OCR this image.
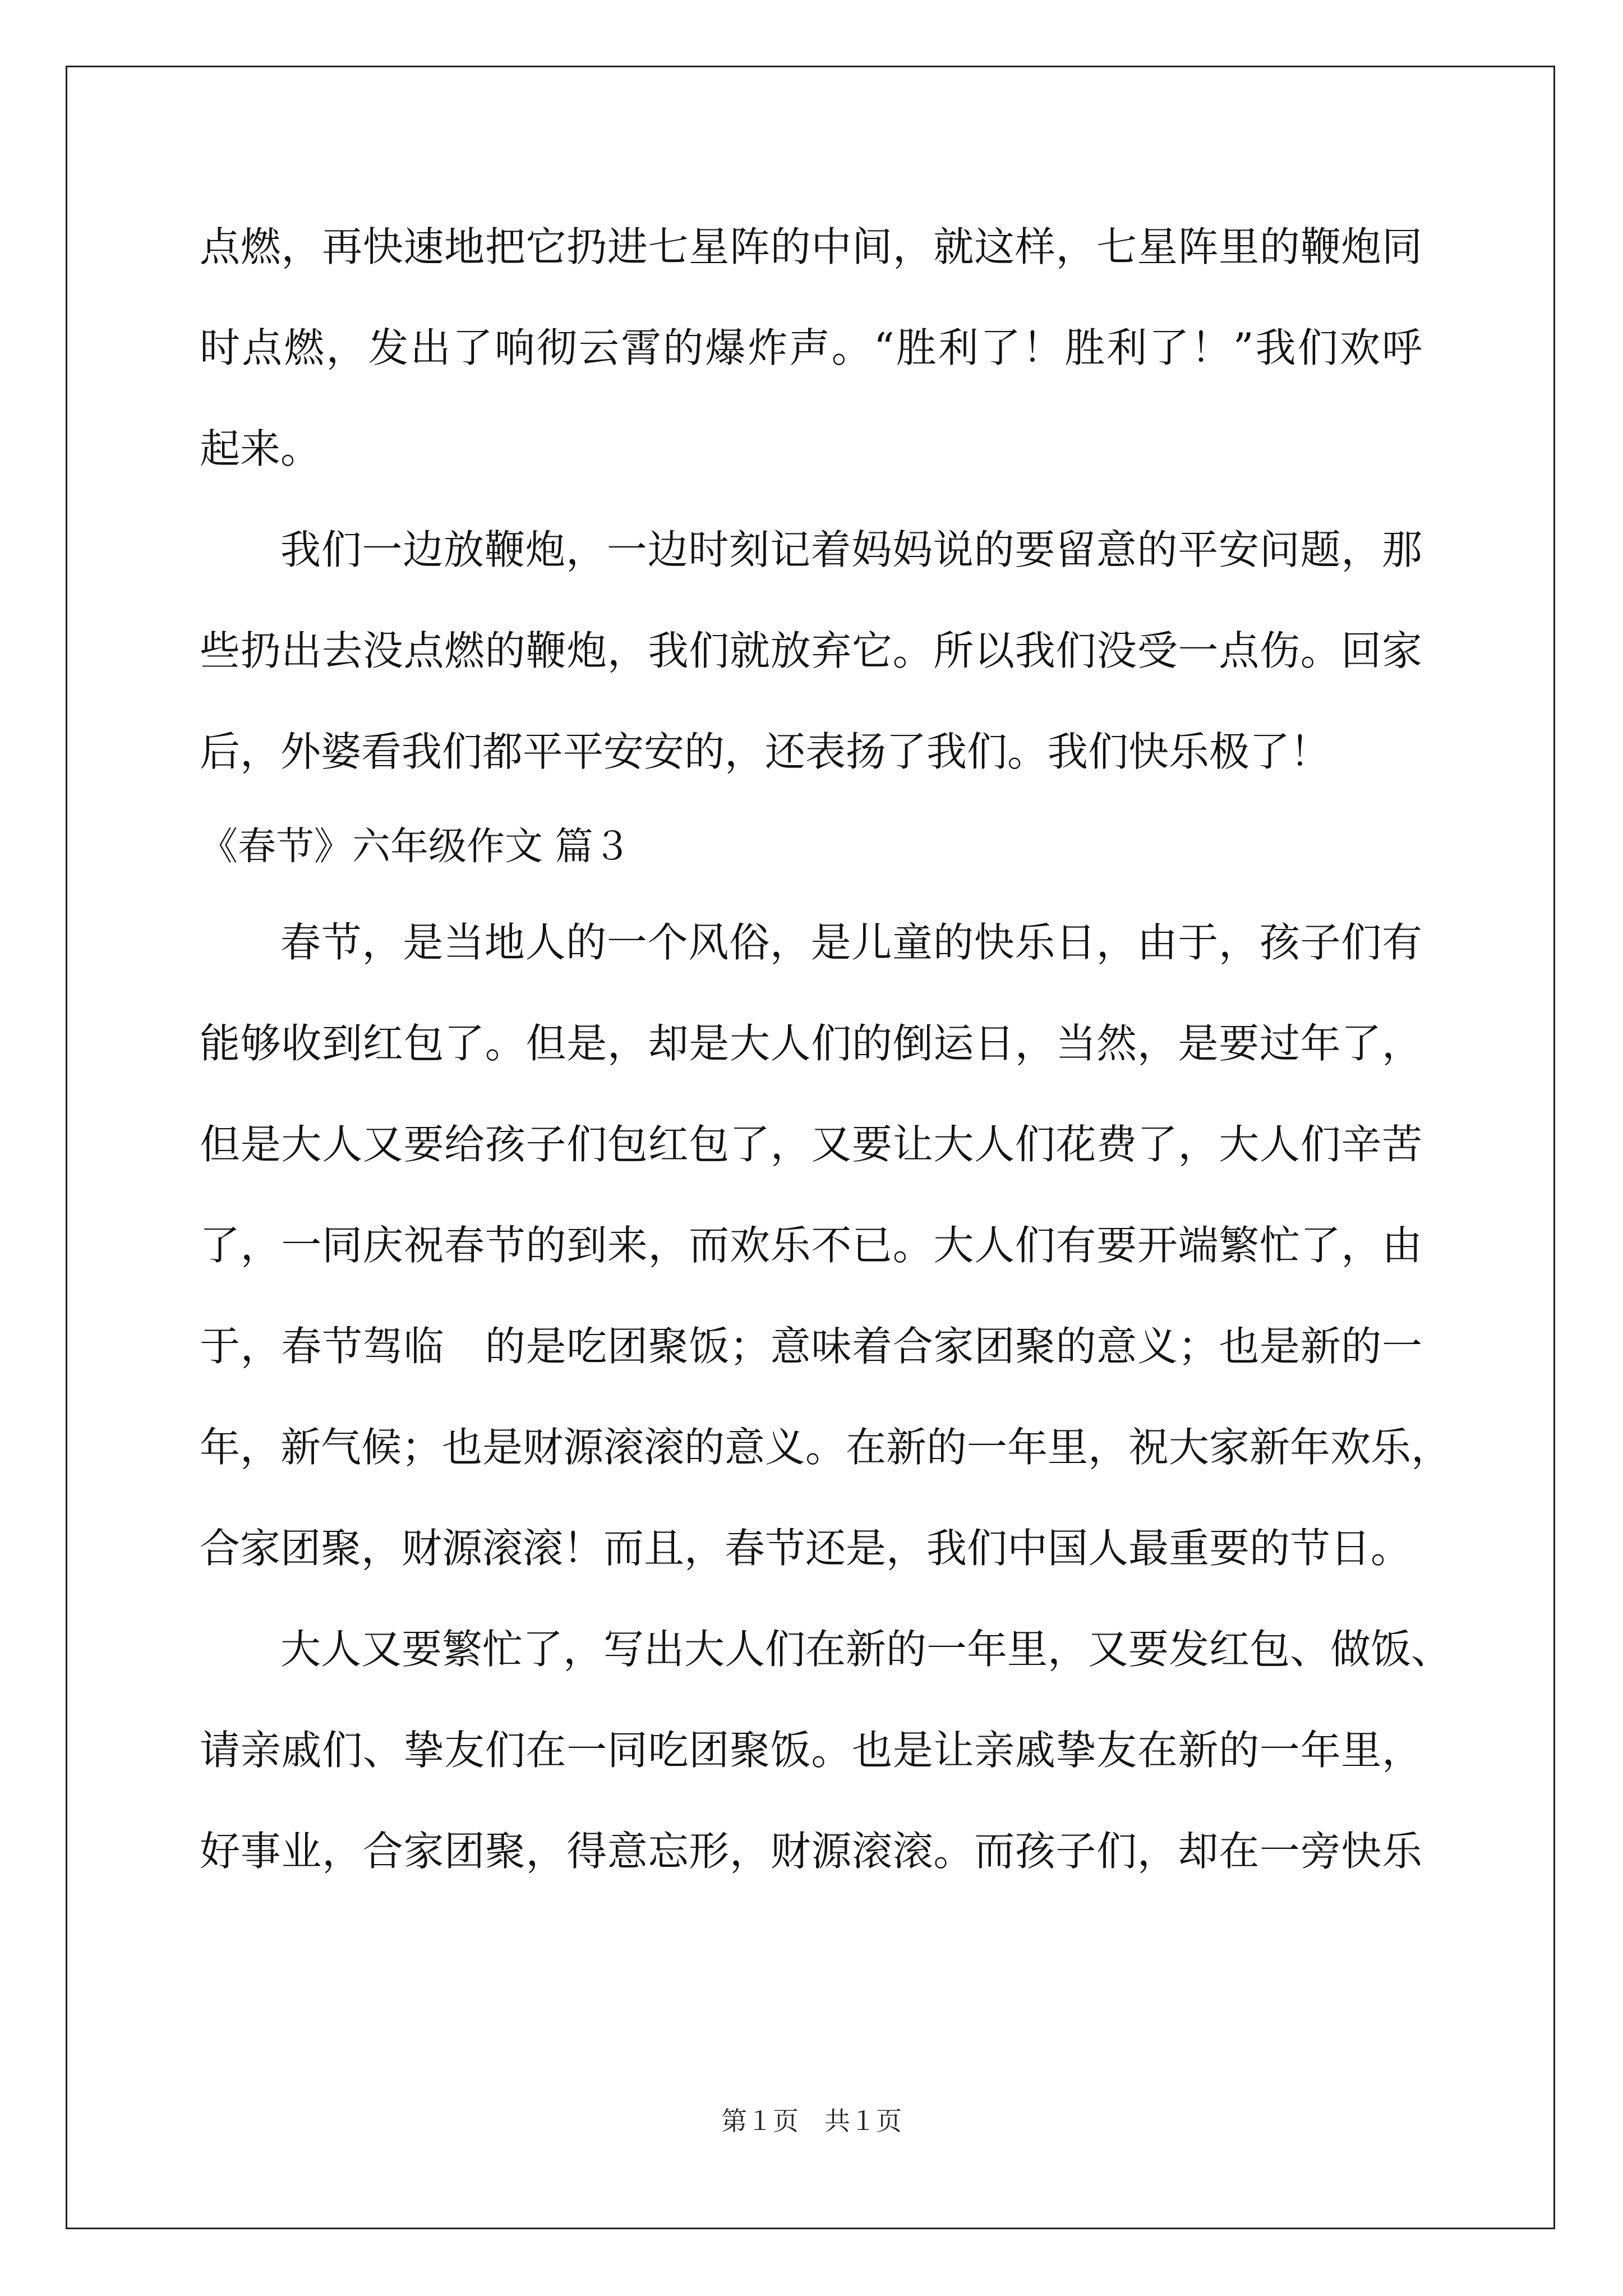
点燃，再快速地把它扔进七星阵的中间，就这样，七星阵里的鞭炮同
时点燃，发出了响彻云霄的爆炸声。“胜利了！胜利了！”我们欢呼
起来。
我们一边放鞭炮，一边时刻记着妈妈说的要留意的平安问题，那
些扔出去没点燃的鞭炮，我们就放弃它。所以我们没受一点伤。回家
后，外婆看我们都平平安安的，还表扬了我们。我们快乐极了！
《春节》六年级作文 篇３
春节，是当地人的一个风俗，是儿童的快乐日，由于，孩子们有
能够收到红包了。但是，却是大人们的倒运日，当然，是要过年了，
但是大人又要给孩子们包红包了，又要让大人们花费了，大人们辛苦
了，一同庆祝春节的到来，而欢乐不已。大人们有要开端繁忙了，由
于，春节驾临　的是吃团聚饭；意味着合家团聚的意义；也是新的一
年，新气候；也是财源滚滚的意义。在新的一年里，祝大家新年欢乐，
合家团聚，财源滚滚！而且，春节还是，我们中国人最重要的节日。
大人又要繁忙了，写出大人们在新的一年里，又要发红包、做饭、
请亲戚们、挚友们在一同吃团聚饭。也是让亲戚挚友在新的一年里，
好事业，合家团聚，得意忘形，财源滚滚。而孩子们，却在一旁快乐
第１页　共１页
